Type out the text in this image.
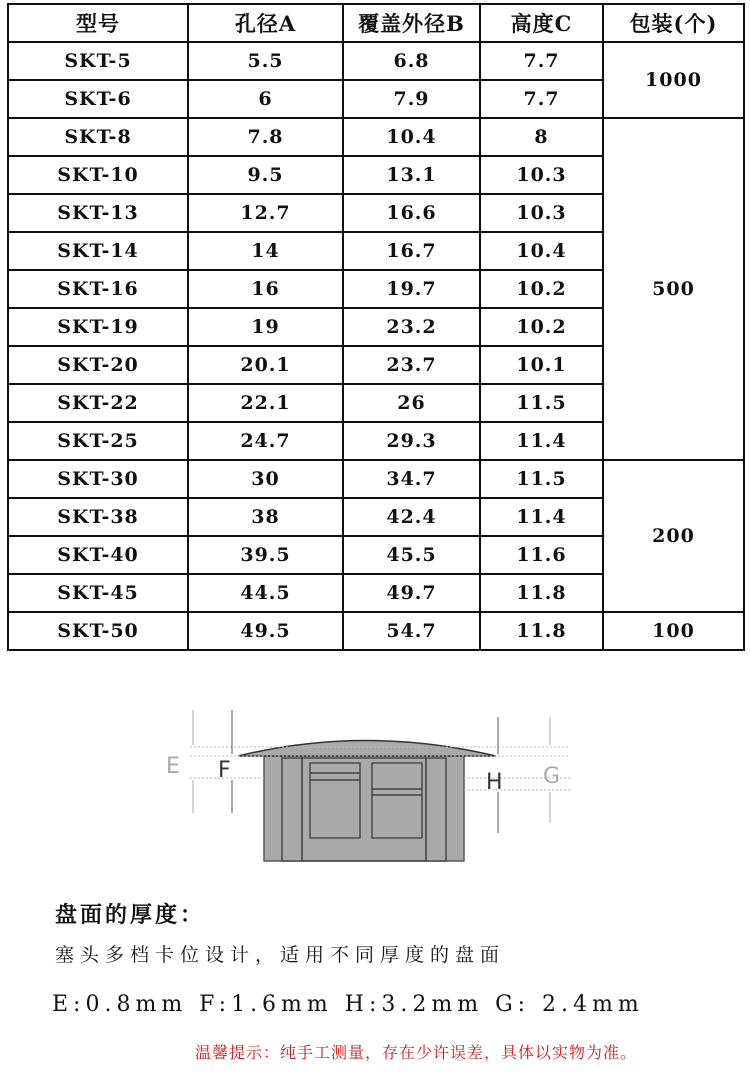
型号	孔径A	覆盖外径B	高度C	包装(个)
SKT-5	5.5	6.8	7.7	1000
SKT-6	6	7.9	7.7	
SKT-8	7.8	10.4	8	500
SKT-10	9.5	13.1	10.3	
SKT-13	12.7	16.6	10.3	
SKT-14	14	16.7	10.4	
SKT-16	16	19.7	10.2	
SKT-19	19	23.2	10.2	
SKT-20	20.1	23.7	10.1	
SKT-22	22.1	26	11.5	
SKT-25	24.7	29.3	11.4	
SKT-30	30	34.7	11.5	200
SKT-38	38	42.4	11.4	
SKT-40	39.5	45.5	11.6	
SKT-45	44.5	49.7	11.8	
SKT-50	49.5	54.7	11.8	100
E F	H G
盘面的厚度：
塞头多档卡位设计，适用不同厚度的盘面
E:0.8mm F:1.6mm H:3.2mm G: 2.4mm
温馨提示：纯手工测量，存在少许误差，具体以实物为准。
